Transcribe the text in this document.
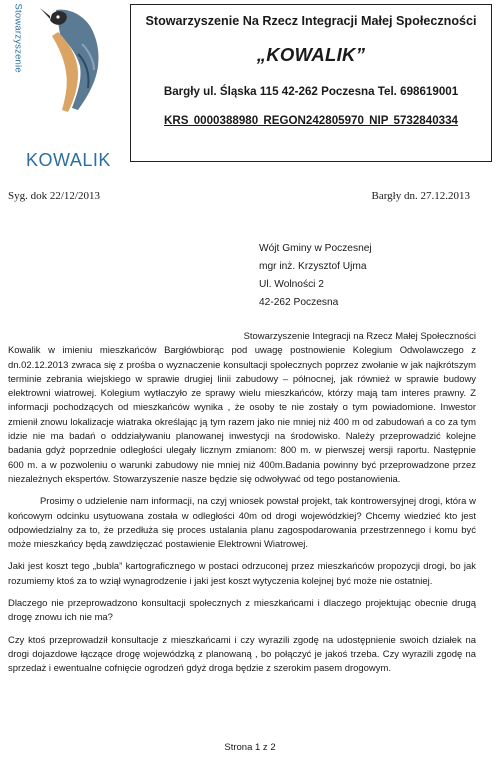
Stowarzyszenie
KOWALIK
Stowarzyszenie Na Rzecz Integracji Małej Społeczności
„KOWALIK”
Bargły ul. Śląska 115 42-262 Poczesna Tel. 698619001
KRS 0000388980 REGON242805970 NIP 5732840334
Syg. dok 22/12/2013	Bargły dn. 27.12.2013
Wójt Gminy w Poczesnej
mgr inż. Krzysztof Ujma
Ul. Wolności 2
42-262 Poczesna

Stowarzyszenie Integracji na Rzecz Małej Społeczności

Kowalik w imieniu mieszkańców Bargłówbiorąc pod uwagę postnowienie Kolegium Odwolawczego z dn.02.12.2013 zwraca się z prośba o wyznaczenie konsultacji społecznych poprzez zwołanie w jak najkrótszym terminie zebrania wiejskiego w sprawie drugiej linii zabudowy – północnej, jak również w sprawie budowy elektrowni wiatrowej. Kolegium wytłaczyło ze sprawy wielu mieszkańców, którzy mają tam interes prawny. Z informacji pochodzących od mieszkańców wynika , że osoby te nie zostały o tym powiadomione. Inwestor zmienił znowu lokalizacje wiatraka określając ją tym razem jako nie mniej niż 400 m od zabudowań a co za tym idzie nie ma badań o oddziaływaniu planowanej inwestycji na środowisko. Należy przeprowadzić kolejne badania gdyż poprzednie odległości ulegały licznym zmianom: 800 m. w pierwszej wersji raportu. Następnie 600 m. a w pozwoleniu o warunki zabudowy nie mniej niż 400m.Badania powinny być przeprowadzone przez niezależnych ekspertów. Stowarzyszenie nasze będzie się odwoływać od tego postanowienia.

Prosimy o udzielenie nam informacji, na czyj wniosek powstał projekt, tak kontrowersyjnej drogi, która w końcowym odcinku usytuowana została w odległości 40m od drogi wojewódzkiej? Chcemy wiedzieć kto jest odpowiedzialny za to, że przedłuża się proces ustalania planu zagospodarowania przestrzennego i komu być może mieszkańcy będą zawdzięczać postawienie Elektrowni Wiatrowej.

Jaki jest koszt tego „bubla” kartograficznego w postaci odrzuconej przez mieszkańców propozycji drogi, bo jak rozumiemy ktoś za to wziął wynagrodzenie i jaki jest koszt wytyczenia kolejnej być może nie ostatniej.

Dlaczego nie przeprowadzono konsultacji społecznych z mieszkańcami i dlaczego projektując obecnie drugą drogę znowu ich nie ma?

Czy ktoś przeprowadził konsultacje z mieszkańcami i czy wyrazili zgodę na udostępnienie swoich działek na drogi dojazdowe łączące drogę wojewódzką z planowaną , bo połączyć je jakoś trzeba. Czy wyrazili zgodę na sprzedaż i ewentualne cofnięcie ogrodzeń gdyż droga będzie z szerokim pasem drogowym.

Strona 1 z 2
